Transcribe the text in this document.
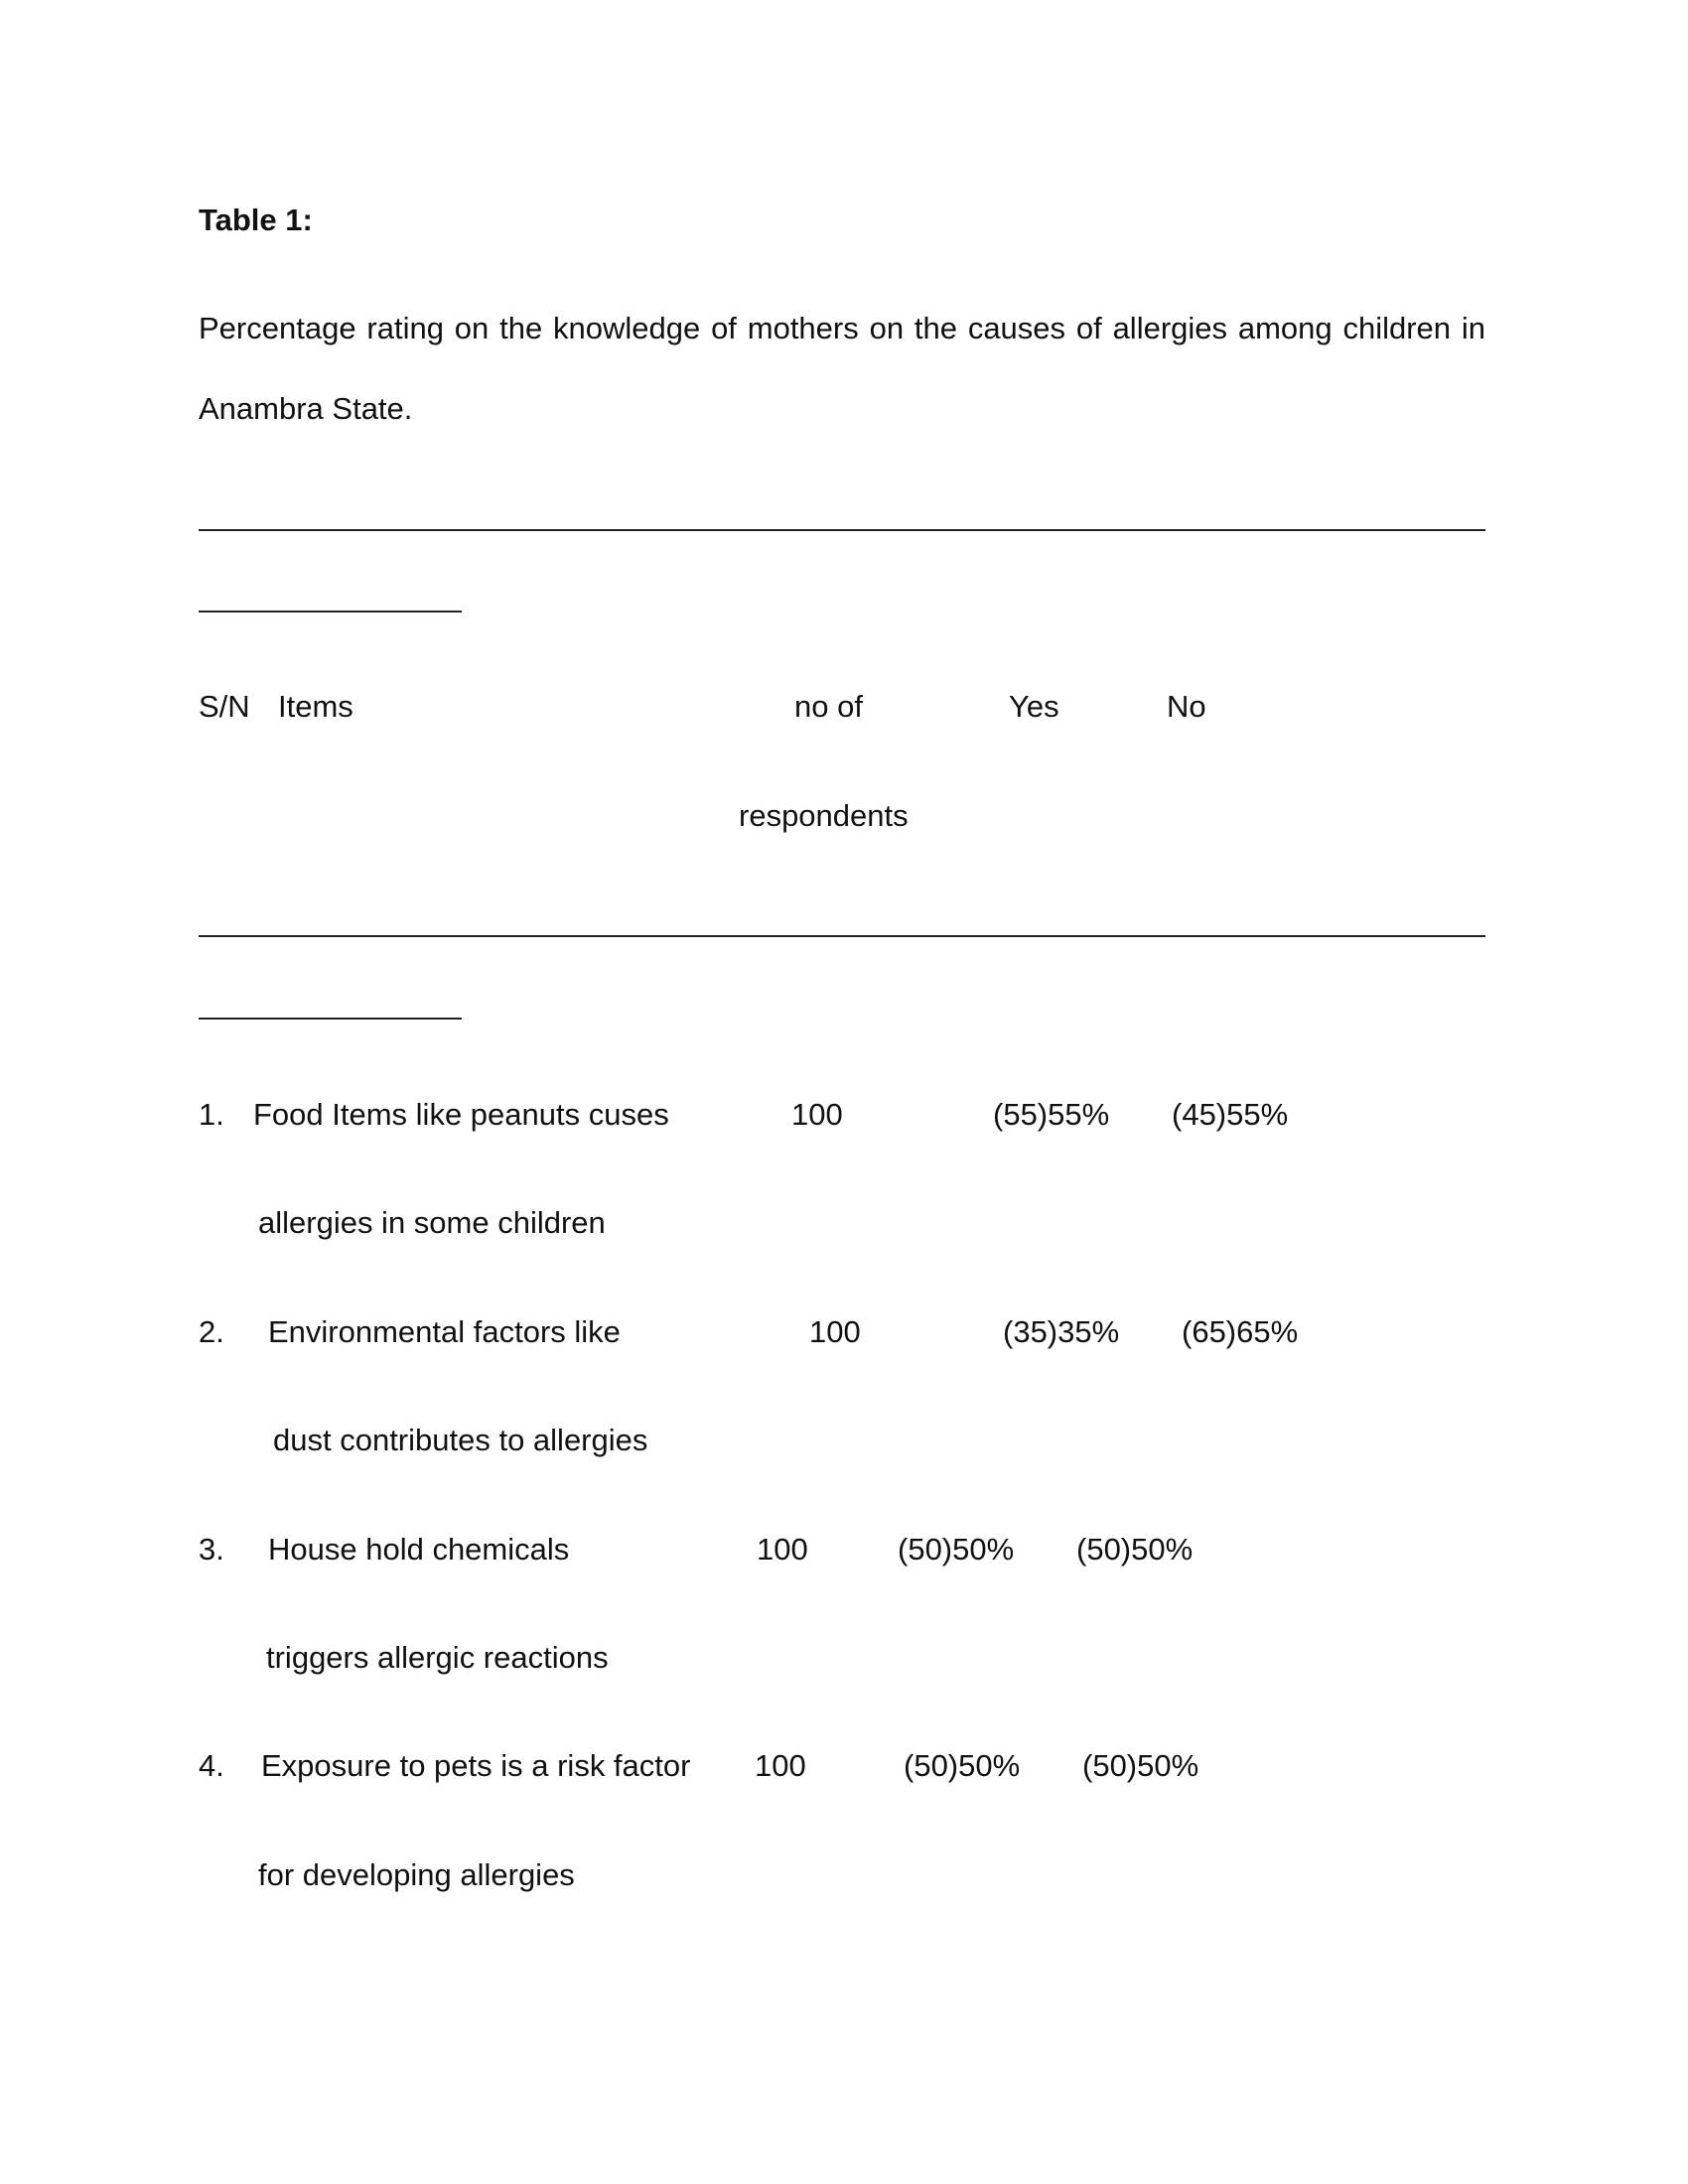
Table 1:
Percentage rating on the knowledge of mothers on the causes of allergies among children in
Anambra State.
S/N Items	no of	Yes	No
respondents
1. Food Items like peanuts cuses
allergies in some children
100	(55)55% (45)55%
2. Environmental factors like
dust contributes to allergies
100	(35)35% (65)65%
3. House hold chemicals
triggers allergic reactions
100	(50)50% (50)50%
4. Exposure to pets is a risk factor
for developing allergies
100	(50)50% (50)50%
